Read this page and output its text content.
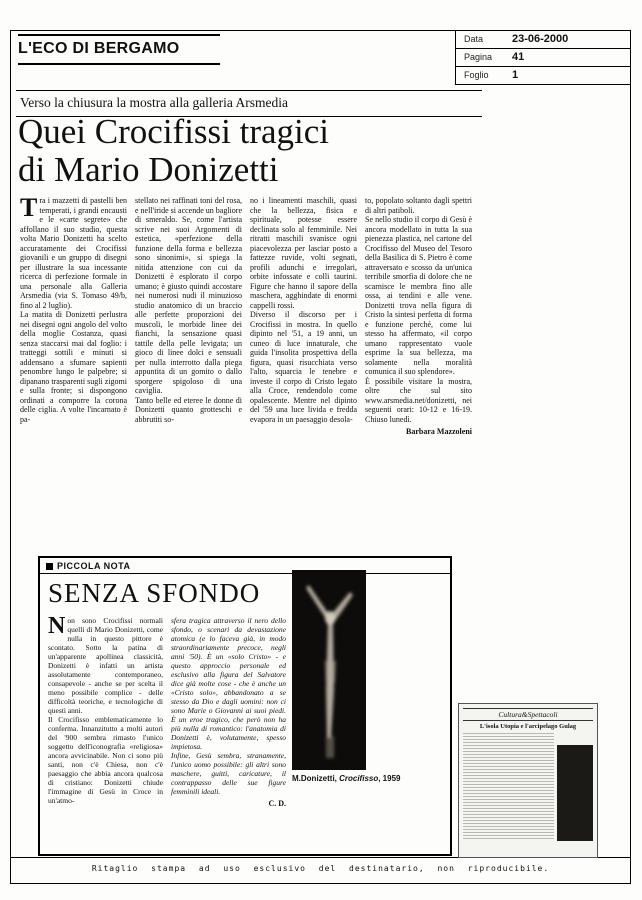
Ritaglio stampa ad uso esclusivo del destinatario, non riproducibile.
L'ECO DI BERGAMO
Data	23-06-2000
Pagina	41
Foglio	1
Verso la chiusura la mostra alla galleria Arsmedia
Quei Crocifissi tragici
di Mario Donizetti
Tra i mazzetti di pastelli ben temperati, i grandi encausti e le «carte segrete» che affollano il suo studio, questa volta Mario Donizetti ha scelto accuratamente dei Crocifissi giovanili e un gruppo di disegni per illustrare la sua incessante ricerca di perfezione formale in una personale alla Galleria Arsmedia (via S. Tomaso 49/b, fino al 2 luglio).
La matita di Donizetti perlustra nei disegni ogni angolo del volto della moglie Costanza, quasi senza staccarsi mai dal foglio: i tratteggi sottili e minuti si addensano a sfumare sapienti penombre lungo le palpebre; si dipanano trasparenti sugli zigomi e sulla fronte; si dispongono ordinati a comporre la corona delle ciglia. A volte l'incarnato è pa-
stellato nei raffinati toni del rosa, e nell'iride si accende un bagliore di smeraldo. Se, come l'artista scrive nei suoi Argomenti di estetica, «perfezione della funzione della forma e bellezza sono sinonimi», si spiega la nitida attenzione con cui da Donizetti è esplorato il corpo umano; è giusto quindi accostare nei numerosi nudi il minuzioso studio anatomico di un braccio alle perfette proporzioni dei muscoli, le morbide linee dei fianchi, la sensazione quasi tattile della pelle levigata; un gioco di linee dolci e sensuali per nulla interrotto dalla piega appuntita di un gomito o dallo sporgere spigoloso di una caviglia.
Tanto belle ed eteree le donne di Donizetti quanto grotteschi e abbrutiti so-
no i lineamenti maschili, quasi che la bellezza, fisica e spirituale, potesse essere declinata solo al femminile. Nei ritratti maschili svanisce ogni piacevolezza per lasciar posto a fattezze ruvide, volti segnati, profili adunchi e irregolari, orbite infossate e colli taurini. Figure che hanno il sapore della maschera, agghindate di enormi cappelli rossi.
Diverso il discorso per i Crocifissi in mostra. In quello dipinto nel '51, a 19 anni, un cuneo di luce innaturale, che guida l'insolita prospettiva della figura, quasi risucchiata verso l'alto, squarcia le tenebre e investe il corpo di Cristo legato alla Croce, rendendolo come opalescente. Mentre nel dipinto del '59 una luce livida e fredda evapora in un paesaggio desola-
to, popolato soltanto dagli spettri di altri patiboli.
Se nello studio il corpo di Gesù è ancora modellato in tutta la sua pienezza plastica, nel cartone del Crocifisso del Museo del Tesoro della Basilica di S. Pietro è come attraversato e scosso da un'unica terribile smorfia di dolore che ne scarnisce le membra fino alle ossa, ai tendini e alle vene. Donizetti trova nella figura di Cristo la sintesi perfetta di forma e funzione perché, come lui stesso ha affermato, «il corpo umano rappresentato vuole esprime la sua bellezza, ma solamente nella moralità comunica il suo splendore».
È possibile visitare la mostra, oltre che sul sito www.arsmedia.net/donizetti, nei seguenti orari: 10-12 e 16-19. Chiuso lunedì.
Barbara Mazzoleni
PICCOLA NOTA
SENZA SFONDO
Non sono Crocifissi normali quelli di Mario Donizetti, come nulla in questo pittore è scontato. Sotto la patina di un'apparente apollinea classicità, Donizetti è infatti un artista assolutamente contemporaneo, consapevole - anche se per scelta il meno possibile complice - delle difficoltà teoriche, e tecnologiche di questi anni.
Il Crocifisso emblematicamente lo conferma. Innanzitutto a molti autori del '900 sembra rimasto l'unico soggetto dell'iconografia «religiosa» ancora avvicinabile. Non ci sono più santi, non c'è Chiesa, non c'è paesaggio che abbia ancora qualcosa di cristiano: Donizetti chiude l'immagine di Gesù in Croce in un'atmo-
sfera tragica attraverso il nero dello sfondo, o scenari da devastazione atomica (e lo faceva già, in modo straordinariamente precoce, negli anni '50). È un «solo Cristo» - e questo approccio personale ed esclusivo alla figura del Salvatore dice già molte cose - che è anche un «Cristo solo», abbandonato a se stesso da Dio e dagli uomini: non ci sono Marie o Giovanni ai suoi piedi. È un eroe tragico, che però non ha più nulla di romantico: l'anatomia di Donizetti è, volutamente, spesso impietosa.
Infine, Gesù sembra, stranamente, l'unico uomo possibile: gli altri sono maschere, guitti, caricature, il contrappasso delle sue figure femminili ideali.
C. D.
M.Donizetti, Crocifisso, 1959
Cultura&Spettacoli
L'isola Utopia e l'arcipelago Gulag
